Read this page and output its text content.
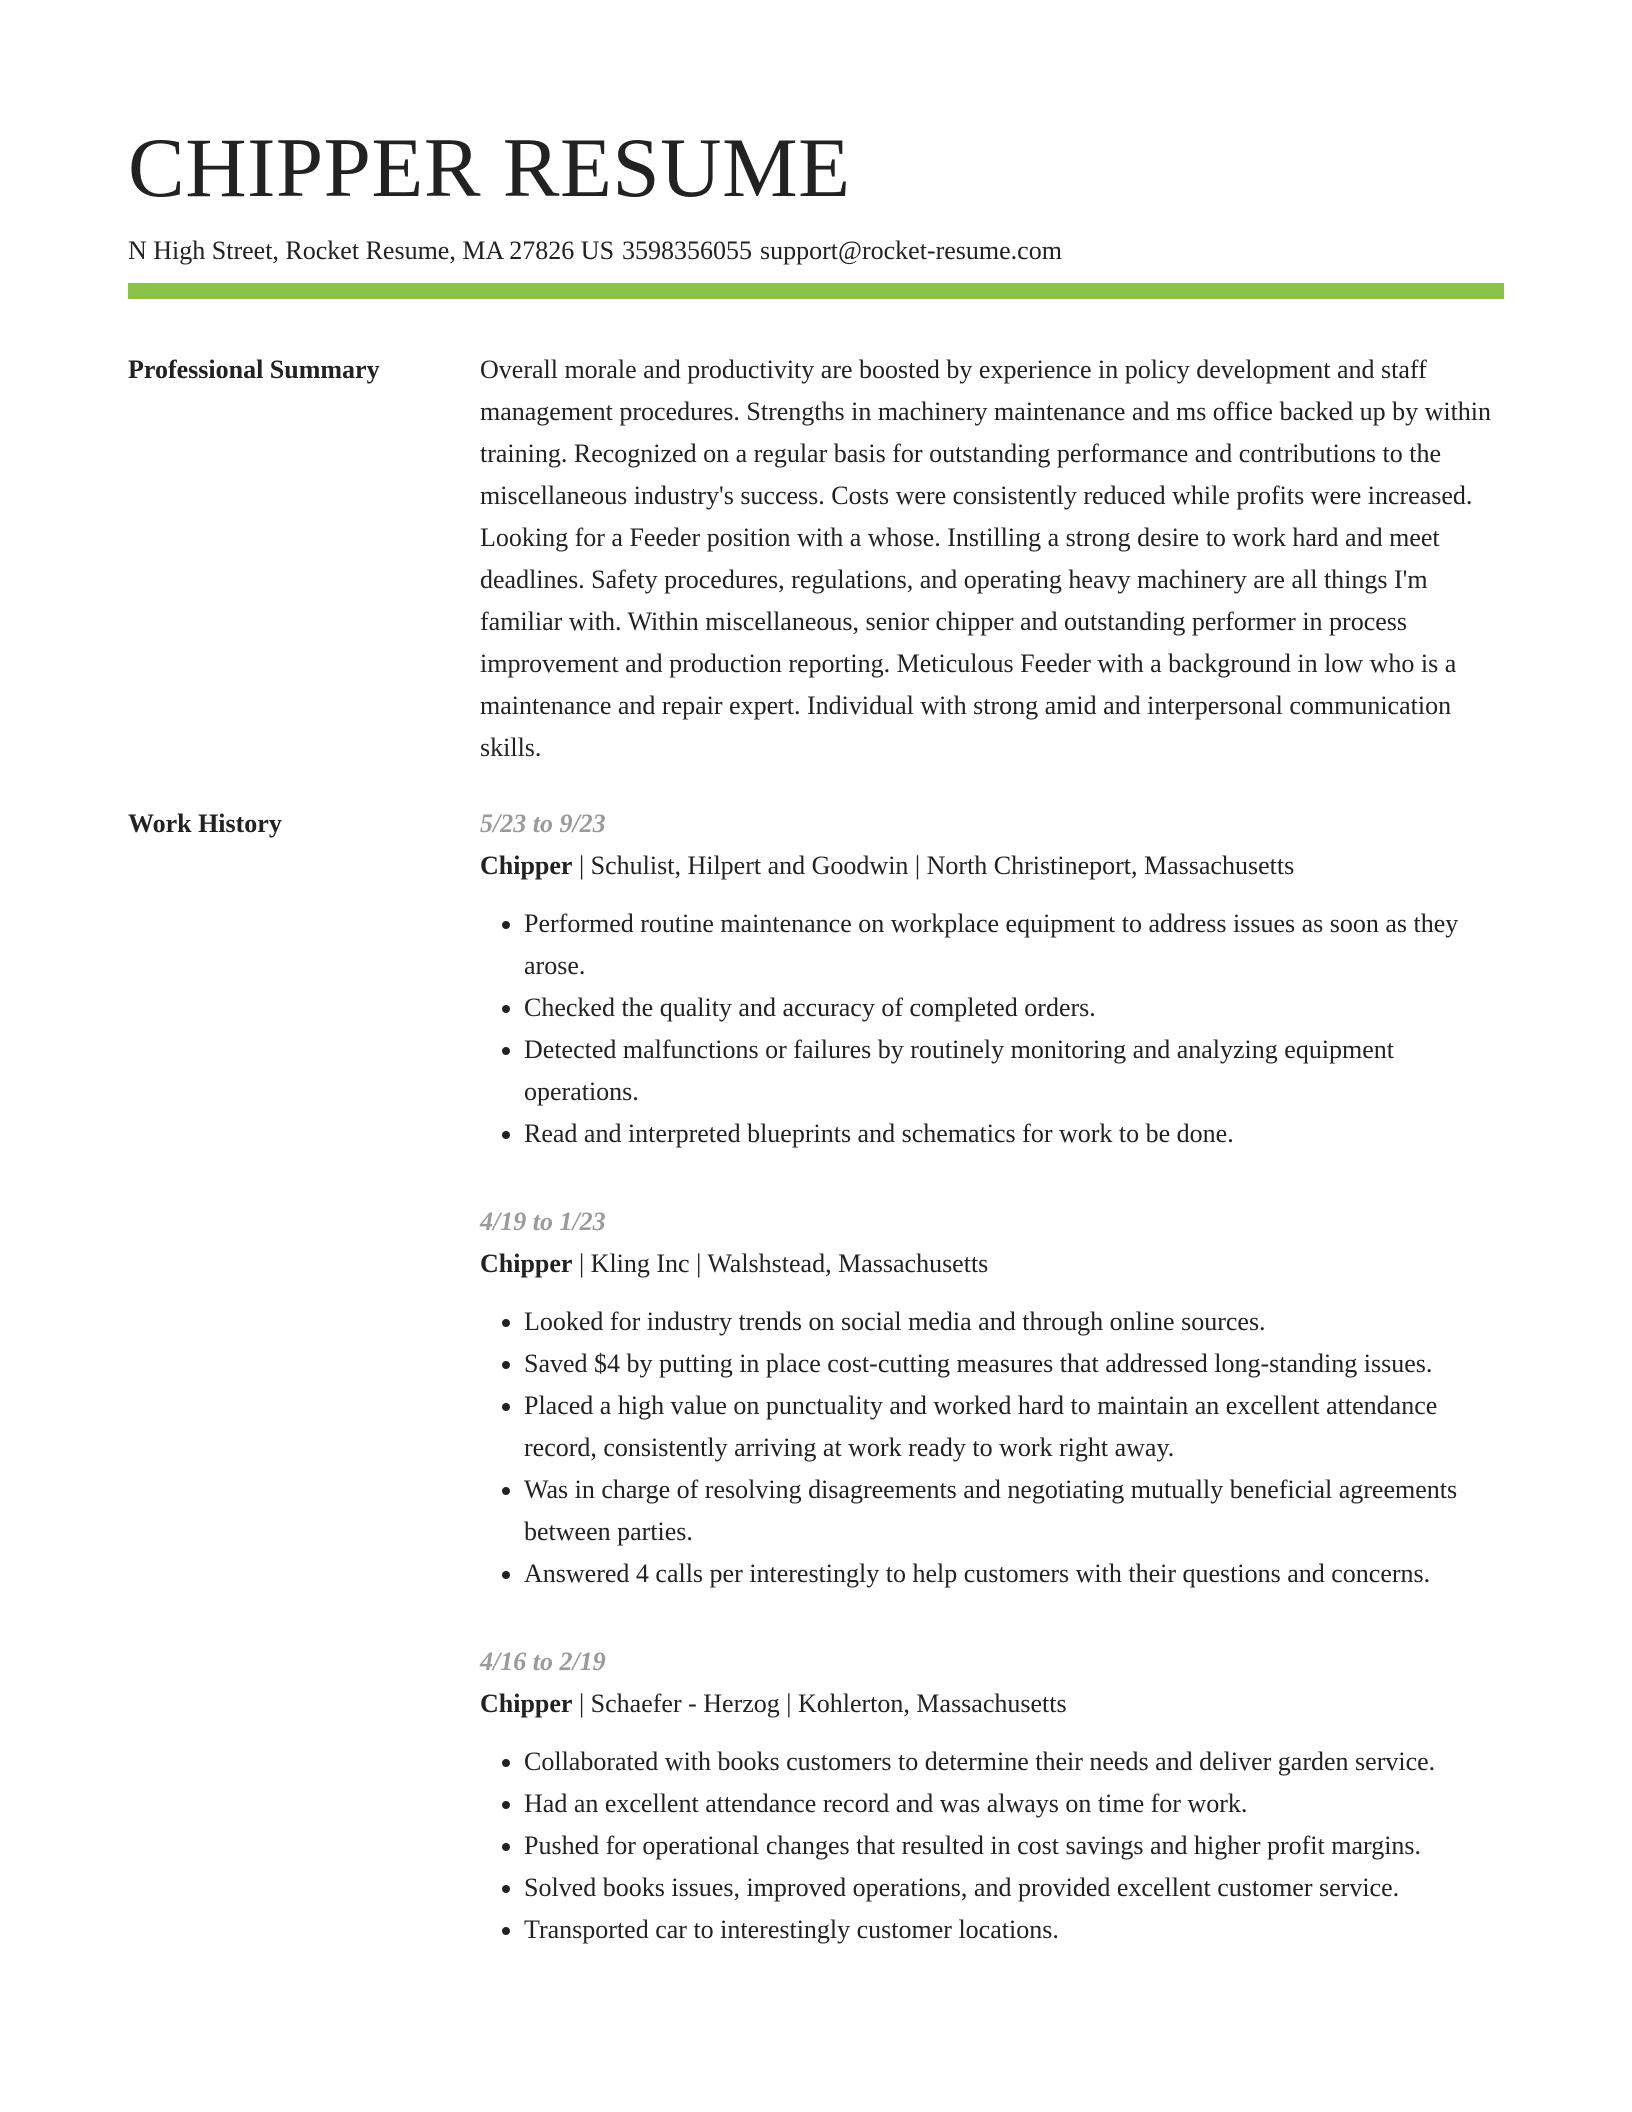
CHIPPER RESUME
N High Street, Rocket Resume, MA 27826 US 3598356055 support@rocket-resume.com
Professional Summary	Overall morale and productivity are boosted by experience in policy development and staff management procedures. Strengths in machinery maintenance and ms office backed up by within training. Recognized on a regular basis for outstanding performance and contributions to the miscellaneous industry's success. Costs were consistently reduced while profits were increased. Looking for a Feeder position with a whose. Instilling a strong desire to work hard and meet deadlines. Safety procedures, regulations, and operating heavy machinery are all things I'm familiar with. Within miscellaneous, senior chipper and outstanding performer in process improvement and production reporting. Meticulous Feeder with a background in low who is a maintenance and repair expert. Individual with strong amid and interpersonal communication skills.

Work History	5/23 to 9/23
Chipper | Schulist, Hilpert and Goodwin | North Christineport, Massachusetts
• Performed routine maintenance on workplace equipment to address issues as soon as they arose.
• Checked the quality and accuracy of completed orders.
• Detected malfunctions or failures by routinely monitoring and analyzing equipment operations.
• Read and interpreted blueprints and schematics for work to be done.
4/19 to 1/23
Chipper | Kling Inc | Walshstead, Massachusetts
• Looked for industry trends on social media and through online sources.
• Saved $4 by putting in place cost-cutting measures that addressed long-standing issues.
• Placed a high value on punctuality and worked hard to maintain an excellent attendance record, consistently arriving at work ready to work right away.
• Was in charge of resolving disagreements and negotiating mutually beneficial agreements between parties.
• Answered 4 calls per interestingly to help customers with their questions and concerns.
4/16 to 2/19
Chipper | Schaefer - Herzog | Kohlerton, Massachusetts
• Collaborated with books customers to determine their needs and deliver garden service.
• Had an excellent attendance record and was always on time for work.
• Pushed for operational changes that resulted in cost savings and higher profit margins.
• Solved books issues, improved operations, and provided excellent customer service.
• Transported car to interestingly customer locations.
